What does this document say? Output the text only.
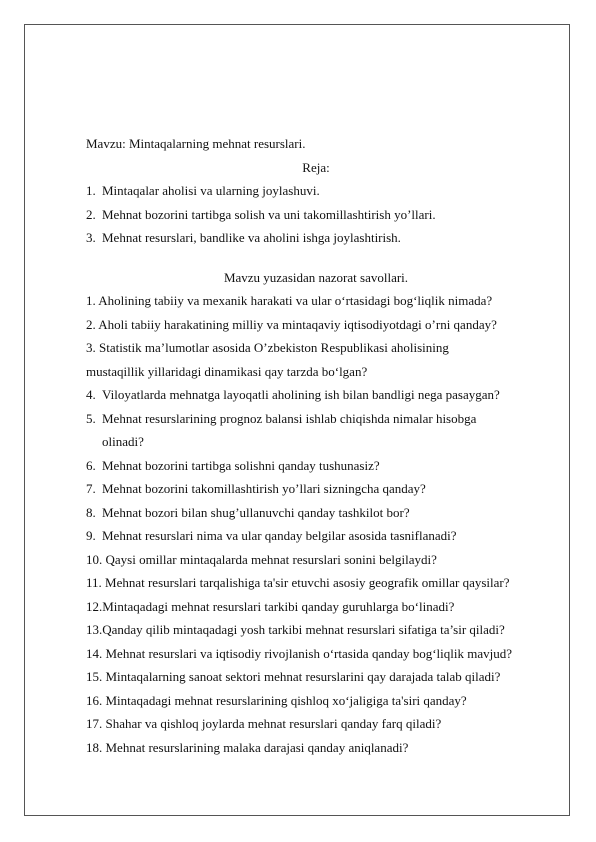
Mavzu: Mintaqalarning mehnat resurslari.
Reja:
1. Mintaqalar aholisi va ularning joylashuvi.
2. Mehnat bozorini tartibga solish va uni takomillashtirish yo’llari.
3. Mehnat resurslari, bandlike va aholini ishga joylashtirish.
Mavzu yuzasidan nazorat savollari.
1. Aholining tabiiy va mexanik harakati va ular o‘rtasidagi bog‘liqlik nimada?
2. Aholi tabiiy harakatining milliy va mintaqaviy iqtisodiyotdagi o’rni qanday?
3. Statistik ma’lumotlar asosida O’zbekiston Respublikasi aholisining
mustaqillik yillaridagi dinamikasi qay tarzda bo‘lgan?
4. Viloyatlarda mehnatga layoqatli aholining ish bilan bandligi nega pasaygan?
5. Mehnat resurslarining prognoz balansi ishlab chiqishda nimalar hisobga
olinadi?
6. Mehnat bozorini tartibga solishni qanday tushunasiz?
7. Mehnat bozorini takomillashtirish yo’llari sizningcha qanday?
8. Mehnat bozori bilan shug’ullanuvchi qanday tashkilot bor?
9. Mehnat resurslari nima va ular qanday belgilar asosida tasniflanadi?
10. Qaysi omillar mintaqalarda mehnat resurslari sonini belgilaydi?
11. Mehnat resurslari tarqalishiga ta'sir etuvchi asosiy geografik omillar qaysilar?
12.Mintaqadagi mehnat resurslari tarkibi qanday guruhlarga bo‘linadi?
13.Qanday qilib mintaqadagi yosh tarkibi mehnat resurslari sifatiga ta’sir qiladi?
14. Mehnat resurslari va iqtisodiy rivojlanish o‘rtasida qanday bog‘liqlik mavjud?
15. Mintaqalarning sanoat sektori mehnat resurslarini qay darajada talab qiladi?
16. Mintaqadagi mehnat resurslarining qishloq xo‘jaligiga ta'siri qanday?
17. Shahar va qishloq joylarda mehnat resurslari qanday farq qiladi?
18. Mehnat resurslarining malaka darajasi qanday aniqlanadi?
